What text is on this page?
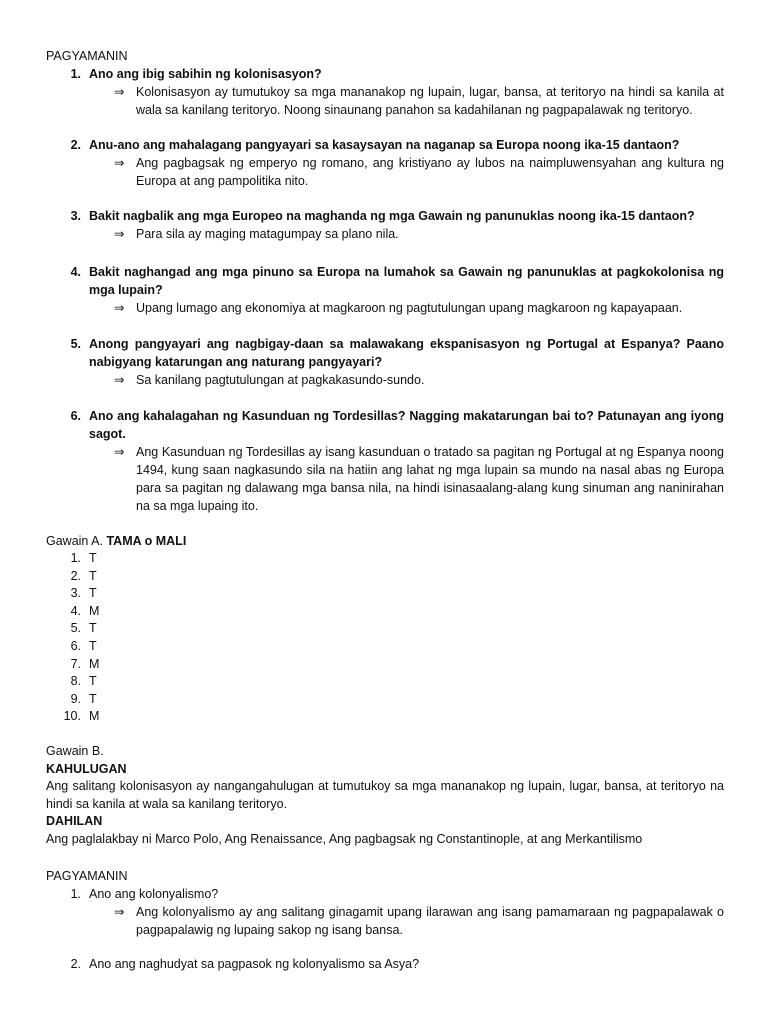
PAGYAMANIN
1. Ano ang ibig sabihin ng kolonisasyon?
⇒ Kolonisasyon ay tumutukoy sa mga mananakop ng lupain, lugar, bansa, at teritoryo na hindi sa kanila at wala sa kanilang teritoryo. Noong sinaunang panahon sa kadahilanan ng pagpapalawak ng teritoryo.
2. Anu-ano ang mahalagang pangyayari sa kasaysayan na naganap sa Europa noong ika-15 dantaon?
⇒ Ang pagbagsak ng emperyo ng romano, ang kristiyano ay lubos na naimpluwensyahan ang kultura ng Europa at ang pampolitika nito.
3. Bakit nagbalik ang mga Europeo na maghanda ng mga Gawain ng panunuklas noong ika-15 dantaon?
⇒ Para sila ay maging matagumpay sa plano nila.
4. Bakit naghangad ang mga pinuno sa Europa na lumahok sa Gawain ng panunuklas at pagkokolonisa ng mga lupain?
⇒ Upang lumago ang ekonomiya at magkaroon ng pagtutulungan upang magkaroon ng kapayapaan.
5. Anong pangyayari ang nagbigay-daan sa malawakang ekspanisasyon ng Portugal at Espanya? Paano nabigyang katarungan ang naturang pangyayari?
⇒ Sa kanilang pagtutulungan at pagkakasundo-sundo.
6. Ano ang kahalagahan ng Kasunduan ng Tordesillas? Nagging makatarungan bai to? Patunayan ang iyong sagot.
⇒ Ang Kasunduan ng Tordesillas ay isang kasunduan o tratado sa pagitan ng Portugal at ng Espanya noong 1494, kung saan nagkasundo sila na hatiin ang lahat ng mga lupain sa mundo na nasal abas ng Europa para sa pagitan ng dalawang mga bansa nila, na hindi isinasaalang-alang kung sinuman ang naninirahan na sa mga lupaing ito.
Gawain A. TAMA o MALI
1. T
2. T
3. T
4. M
5. T
6. T
7. M
8. T
9. T
10. M
Gawain B.
KAHULUGAN
Ang salitang kolonisasyon ay nangangahulugan at tumutukoy sa mga mananakop ng lupain, lugar, bansa, at teritoryo na hindi sa kanila at wala sa kanilang teritoryo.
DAHILAN
Ang paglalakbay ni Marco Polo, Ang Renaissance, Ang pagbagsak ng Constantinople, at ang Merkantilismo
PAGYAMANIN
1. Ano ang kolonyalismo?
⇒ Ang kolonyalismo ay ang salitang ginagamit upang ilarawan ang isang pamamaraan ng pagpapalawak o pagpapalawig ng lupaing sakop ng isang bansa.
2. Ano ang naghudyat sa pagpasok ng kolonyalismo sa Asya?
